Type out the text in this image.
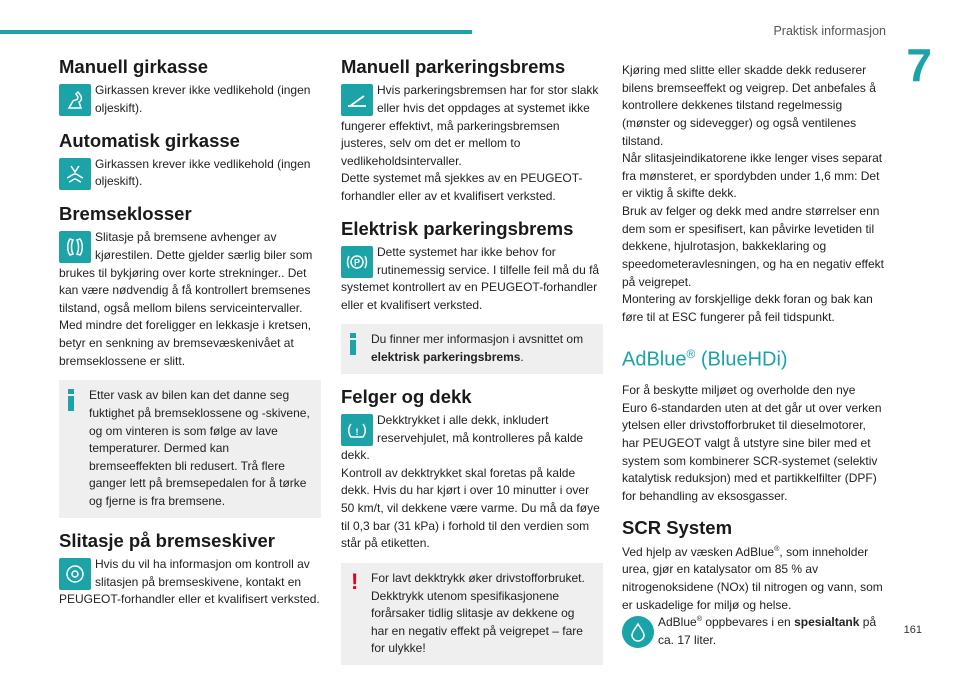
Praktisk informasjon
7
161
Manuell girkasse
Girkassen krever ikke vedlikehold (ingen oljeskift).
Automatisk girkasse
Girkassen krever ikke vedlikehold (ingen oljeskift).
Bremseklosser
Slitasje på bremsene avhenger av kjørestilen. Dette gjelder særlig biler som brukes til bykjøring over korte strekninger.. Det kan være nødvendig å få kontrollert bremsenes tilstand, også mellom bilens serviceintervaller.
Med mindre det foreligger en lekkasje i kretsen, betyr en senkning av bremsevæskenivået at bremseklossene er slitt.
Etter vask av bilen kan det danne seg fuktighet på bremseklossene og -skivene, og om vinteren is som følge av lave temperaturer. Dermed kan bremseeffekten bli redusert. Trå flere ganger lett på bremsepedalen for å tørke og fjerne is fra bremsene.
Slitasje på bremseskiver
Hvis du vil ha informasjon om kontroll av slitasjen på bremseskivene, kontakt en PEUGEOT-forhandler eller et kvalifisert verksted.
Manuell parkeringsbrems
Hvis parkeringsbremsen har for stor slakk eller hvis det oppdages at systemet ikke fungerer effektivt, må parkeringsbremsen justeres, selv om det er mellom to vedlikeholdsintervaller.
Dette systemet må sjekkes av en PEUGEOT-forhandler eller av et kvalifisert verksted.
Elektrisk parkeringsbrems
P
Dette systemet har ikke behov for rutinemessig service. I tilfelle feil må du få systemet kontrollert av en PEUGEOT-forhandler eller et kvalifisert verksted.
Du finner mer informasjon i avsnittet om elektrisk parkeringsbrems.
Felger og dekk
!
Dekktrykket i alle dekk, inkludert reservehjulet, må kontrolleres på kalde dekk.
Kontroll av dekktrykket skal foretas på kalde dekk. Hvis du har kjørt i over 10 minutter i over 50 km/t, vil dekkene være varme. Du må da føye til 0,3 bar (31 kPa) i forhold til den verdien som står på etiketten.
! For lavt dekktrykk øker drivstofforbruket. Dekktrykk utenom spesifikasjonene forårsaker tidlig slitasje av dekkene og har en negativ effekt på veigrepet – fare for ulykke!
Kjøring med slitte eller skadde dekk reduserer bilens bremseeffekt og veigrep. Det anbefales å kontrollere dekkenes tilstand regelmessig (mønster og sidevegger) og også ventilenes tilstand.
Når slitasjeindikatorene ikke lenger vises separat fra mønsteret, er spordybden under 1,6 mm: Det er viktig å skifte dekk.
Bruk av felger og dekk med andre størrelser enn dem som er spesifisert, kan påvirke levetiden til dekkene, hjulrotasjon, bakkeklaring og speedometeravlesningen, og ha en negativ effekt på veigrepet.
Montering av forskjellige dekk foran og bak kan føre til at ESC fungerer på feil tidspunkt.
AdBlue® (BlueHDi)
For å beskytte miljøet og overholde den nye Euro 6-standarden uten at det går ut over verken ytelsen eller drivstofforbruket til dieselmotorer, har PEUGEOT valgt å utstyre sine biler med et system som kombinerer SCR-systemet (selektiv katalytisk reduksjon) med et partikkelfilter (DPF) for behandling av eksosgasser.
SCR System
Ved hjelp av væsken AdBlue®, som inneholder urea, gjør en katalysator om 85 % av nitrogenoksidene (NOx) til nitrogen og vann, som er uskadelige for miljø og helse.
AdBlue® oppbevares i en spesialtank på ca. 17 liter.
